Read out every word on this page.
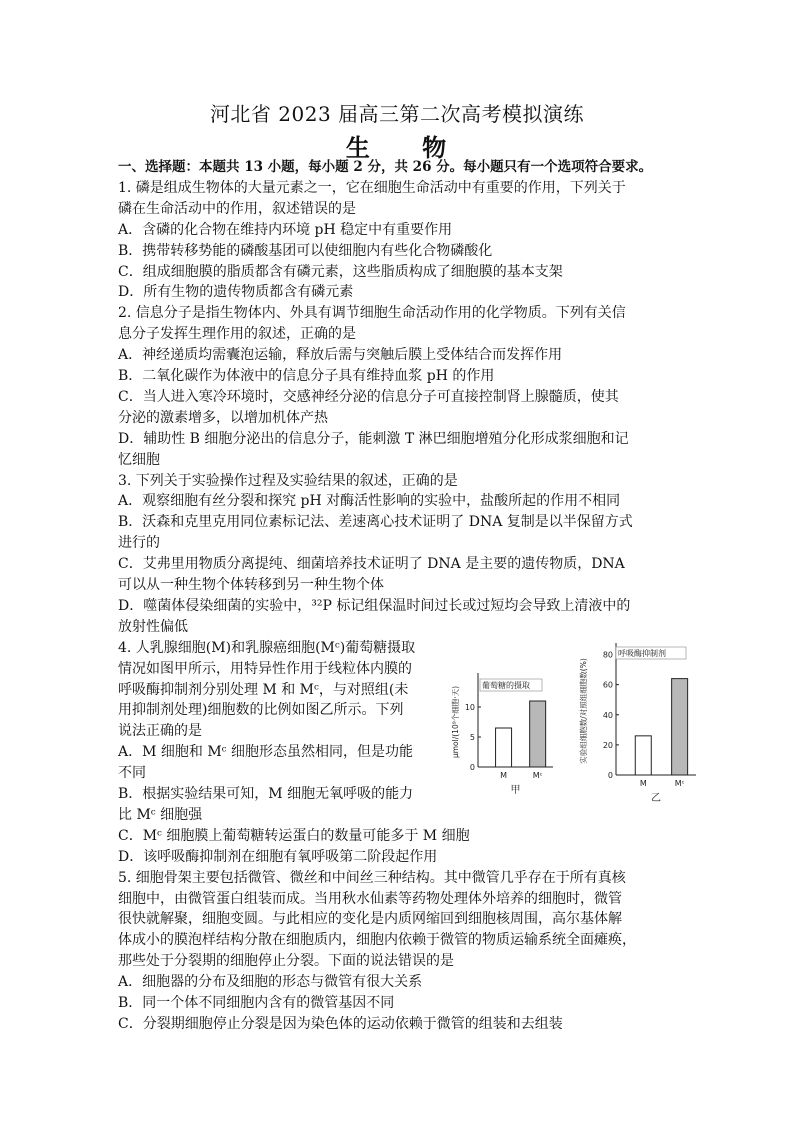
河北省 2023 届高三第二次高考模拟演练
生 物
一、选择题：本题共 13 小题，每小题 2 分，共 26 分。每小题只有一个选项符合要求。
1. 磷是组成生物体的大量元素之一，它在细胞生命活动中有重要的作用，下列关于
磷在生命活动中的作用，叙述错误的是
A．含磷的化合物在维持内环境 pH 稳定中有重要作用
B．携带转移势能的磷酸基团可以使细胞内有些化合物磷酸化
C．组成细胞膜的脂质都含有磷元素，这些脂质构成了细胞膜的基本支架
D．所有生物的遗传物质都含有磷元素
2. 信息分子是指生物体内、外具有调节细胞生命活动作用的化学物质。下列有关信
息分子发挥生理作用的叙述，正确的是
A．神经递质均需囊泡运输，释放后需与突触后膜上受体结合而发挥作用
B．二氧化碳作为体液中的信息分子具有维持血浆 pH 的作用
C．当人进入寒冷环境时，交感神经分泌的信息分子可直接控制肾上腺髓质，使其
分泌的激素增多，以增加机体产热
D．辅助性 B 细胞分泌出的信息分子，能刺激 T 淋巴细胞增殖分化形成浆细胞和记
忆细胞
3. 下列关于实验操作过程及实验结果的叙述，正确的是
A．观察细胞有丝分裂和探究 pH 对酶活性影响的实验中，盐酸所起的作用不相同
B．沃森和克里克用同位素标记法、差速离心技术证明了 DNA 复制是以半保留方式
进行的
C．艾弗里用物质分离提纯、细菌培养技术证明了 DNA 是主要的遗传物质，DNA
可以从一种生物个体转移到另一种生物个体
D．噬菌体侵染细菌的实验中，³²P 标记组保温时间过长或过短均会导致上清液中的
放射性偏低
4. 人乳腺细胞(M)和乳腺癌细胞(Mᶜ)葡萄糖摄取
情况如图甲所示，用特异性作用于线粒体内膜的
呼吸酶抑制剂分别处理 M 和 Mᶜ，与对照组(未
用抑制剂处理)细胞数的比例如图乙所示。下列
说法正确的是
A．M 细胞和 Mᶜ 细胞形态虽然相同，但是功能
不同
B．根据实验结果可知，M 细胞无氧呼吸的能力
比 Mᶜ 细胞强
C．Mᶜ 细胞膜上葡萄糖转运蛋白的数量可能多于 M 细胞
D．该呼吸酶抑制剂在细胞有氧呼吸第二阶段起作用
5. 细胞骨架主要包括微管、微丝和中间丝三种结构。其中微管几乎存在于所有真核
细胞中，由微管蛋白组装而成。当用秋水仙素等药物处理体外培养的细胞时，微管
很快就解聚，细胞变圆。与此相应的变化是内质网缩回到细胞核周围，高尔基体解
体成小的膜泡样结构分散在细胞质内，细胞内依赖于微管的物质运输系统全面瘫痪，
那些处于分裂期的细胞停止分裂。下面的说法错误的是
A．细胞器的分布及细胞的形态与微管有很大关系
B．同一个体不同细胞内含有的微管基因不同
C．分裂期细胞停止分裂是因为染色体的运动依赖于微管的组装和去组装
0
5
10
M	Mᶜ
葡萄糖的摄取
μmol/(10⁹个细胞·天)
甲
0
20
40
60
80
M	Mᶜ
呼吸酶抑制剂
实验组细胞数/对照组细胞数(%)
乙
